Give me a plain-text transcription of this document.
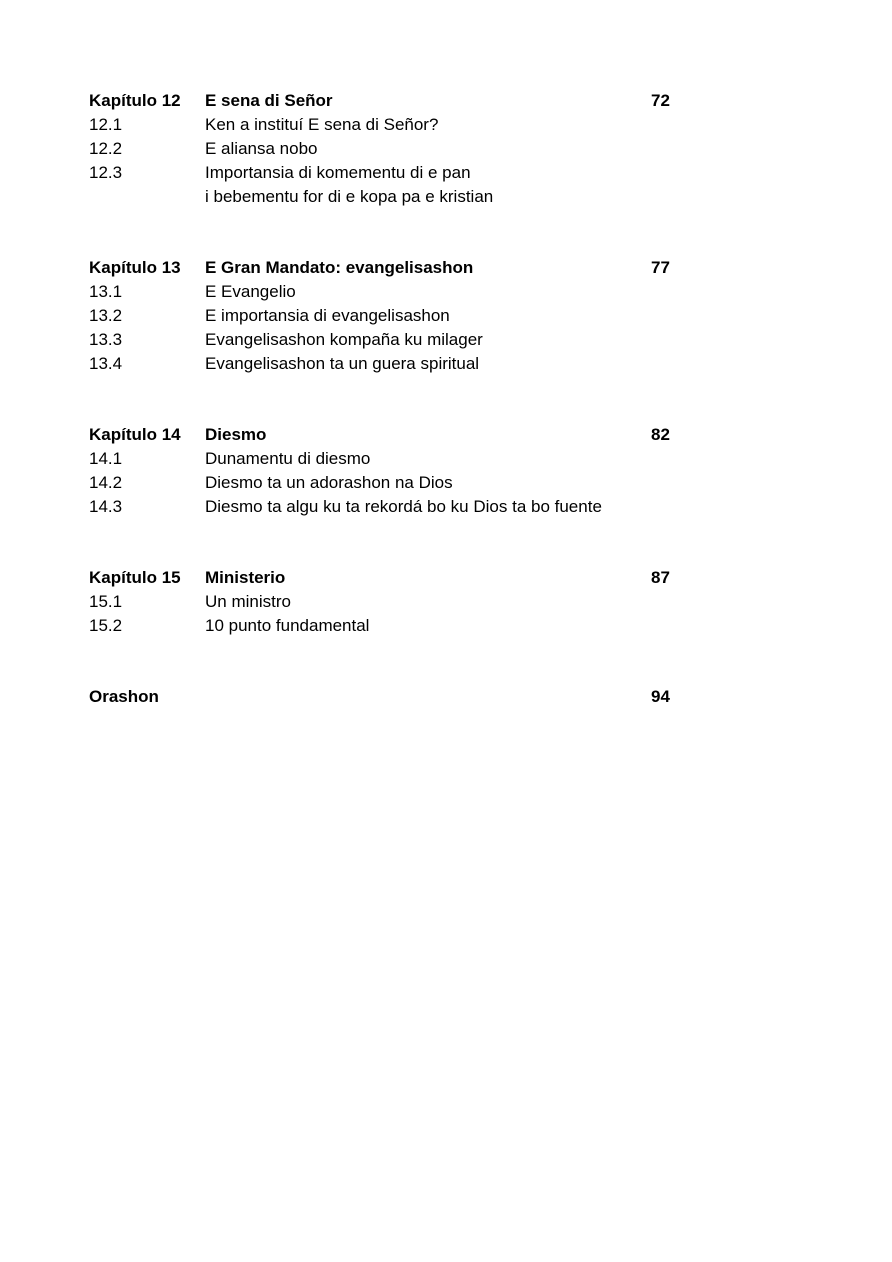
Kapítulo 12	E sena di Señor	72
12.1	Ken a instituí E sena di Señor?
12.2	E aliansa nobo
12.3	Importansia di komementu di e pan
i bebementu for di e kopa pa e kristian
Kapítulo 13	E Gran Mandato: evangelisashon	77
13.1	E Evangelio
13.2	E importansia di evangelisashon
13.3	Evangelisashon kompaña ku milager
13.4	Evangelisashon ta un guera spiritual
Kapítulo 14	Diesmo	82
14.1	Dunamentu di diesmo
14.2	Diesmo ta un adorashon na Dios
14.3	Diesmo ta algu ku ta rekordá bo ku Dios ta bo fuente
Kapítulo 15	Ministerio	87
15.1	Un ministro
15.2	10 punto fundamental
Orashon	94
